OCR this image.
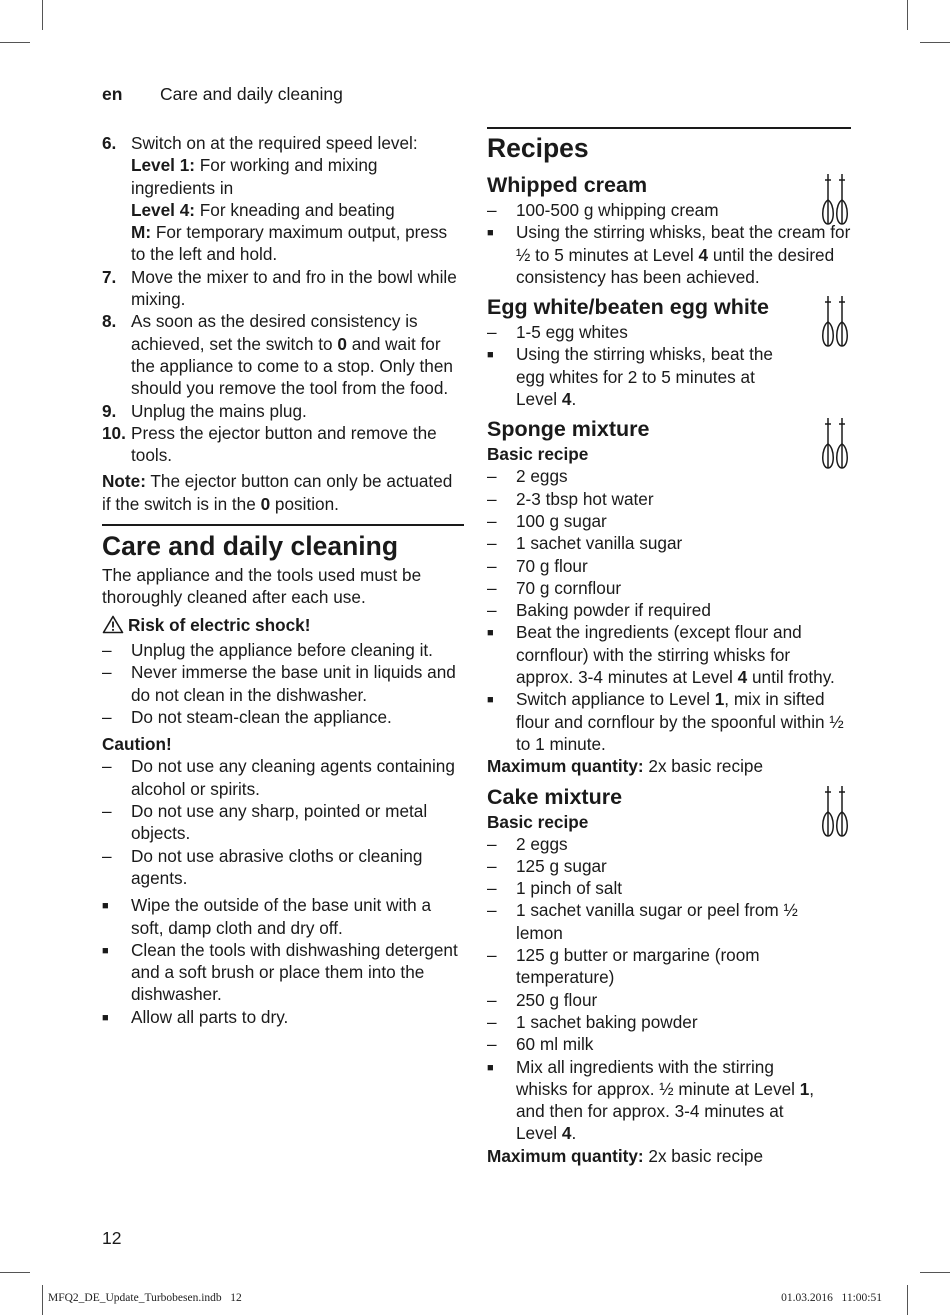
en Care and daily cleaning
6. Switch on at the required speed level:
Level 1: For working and mixing ingredients in
Level 4: For kneading and beating
M: For temporary maximum output, press to the left and hold.
7. Move the mixer to and fro in the bowl while mixing.
8. As soon as the desired consistency is achieved, set the switch to 0 and wait for the appliance to come to a stop. Only then should you remove the tool from the food.
9. Unplug the mains plug.
10. Press the ejector button and remove the tools.
Note: The ejector button can only be actuated if the switch is in the 0 position.
Care and daily cleaning
The appliance and the tools used must be thoroughly cleaned after each use.
Risk of electric shock!
– Unplug the appliance before cleaning it.
– Never immerse the base unit in liquids and do not clean in the dishwasher.
– Do not steam-clean the appliance.
Caution!
– Do not use any cleaning agents containing alcohol or spirits.
– Do not use any sharp, pointed or metal objects.
– Do not use abrasive cloths or cleaning agents.
■ Wipe the outside of the base unit with a soft, damp cloth and dry off.
■ Clean the tools with dishwashing detergent and a soft brush or place them into the dishwasher.
■ Allow all parts to dry.
Recipes
Whipped cream
– 100-500 g whipping cream
■ Using the stirring whisks, beat the cream for ½ to 5 minutes at Level 4 until the desired consistency has been achieved.
Egg white/beaten egg white
– 1-5 egg whites
■ Using the stirring whisks, beat the egg whites for 2 to 5 minutes at Level 4.
Sponge mixture
Basic recipe
– 2 eggs
– 2-3 tbsp hot water
– 100 g sugar
– 1 sachet vanilla sugar
– 70 g flour
– 70 g cornflour
– Baking powder if required
■ Beat the ingredients (except flour and cornflour) with the stirring whisks for approx. 3-4 minutes at Level 4 until frothy.
■ Switch appliance to Level 1, mix in sifted flour and cornflour by the spoonful within ½ to 1 minute.
Maximum quantity: 2x basic recipe
Cake mixture
Basic recipe
– 2 eggs
– 125 g sugar
– 1 pinch of salt
– 1 sachet vanilla sugar or peel from ½ lemon
– 125 g butter or margarine (room temperature)
– 250 g flour
– 1 sachet baking powder
– 60 ml milk
■ Mix all ingredients with the stirring whisks for approx. ½ minute at Level 1, and then for approx. 3-4 minutes at Level 4.
Maximum quantity: 2x basic recipe
12
MFQ2_DE_Update_Turbobesen.indb   12	01.03.2016   11:00:51
